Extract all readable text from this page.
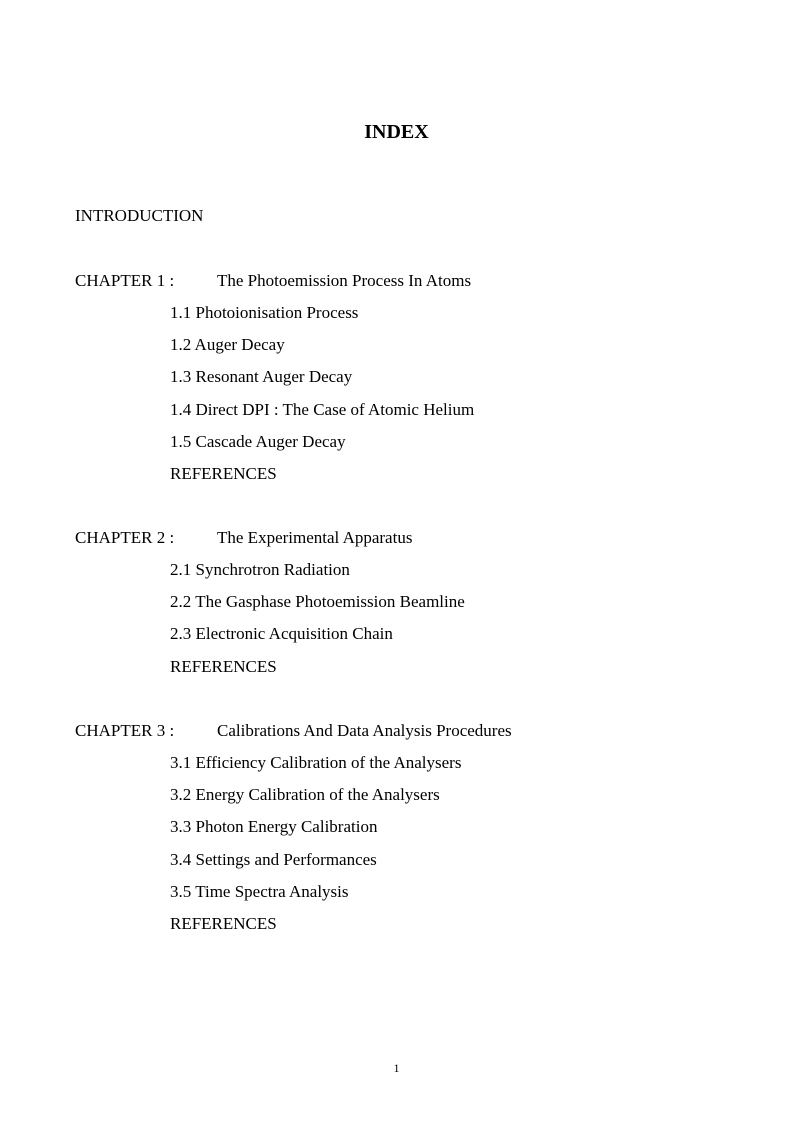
INDEX
INTRODUCTION
CHAPTER 1 :	The Photoemission Process In Atoms
1.1 Photoionisation Process
1.2 Auger Decay
1.3 Resonant Auger Decay
1.4 Direct DPI : The Case of Atomic Helium
1.5 Cascade Auger Decay
REFERENCES
CHAPTER 2 :	The Experimental Apparatus
2.1 Synchrotron Radiation
2.2 The Gasphase Photoemission Beamline
2.3 Electronic Acquisition Chain
REFERENCES
CHAPTER 3 :	Calibrations And Data Analysis Procedures
3.1 Efficiency Calibration of the Analysers
3.2 Energy Calibration of the Analysers
3.3 Photon Energy Calibration
3.4 Settings and Performances
3.5 Time Spectra Analysis
REFERENCES
1
